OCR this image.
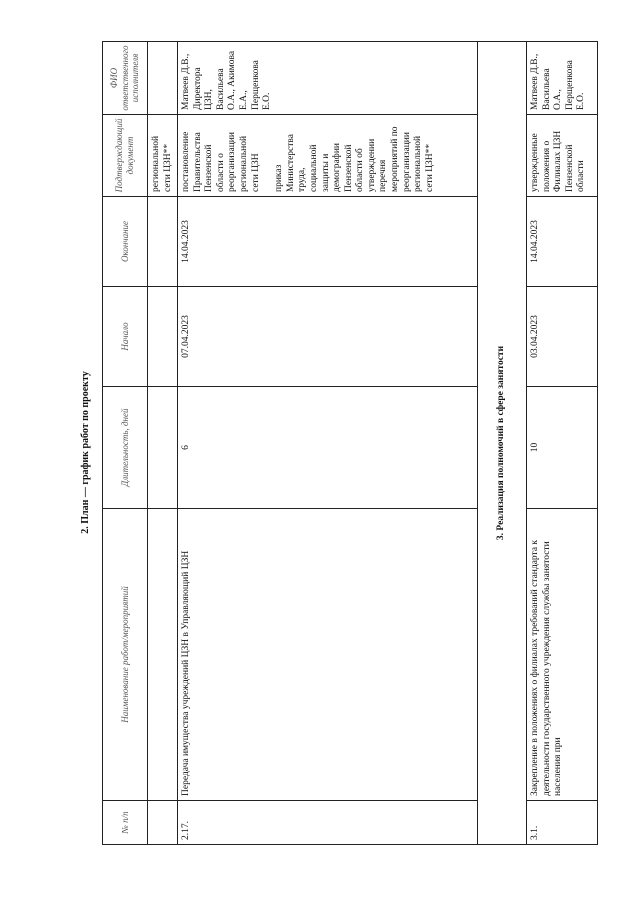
2. План — график работ по проекту
№ п/п	Наименование работ/мероприятий	Длительность, дней	Начало	Окончание	Подтверждающий документ	ФИО ответственного исполнителя
					региональной сети ЦЗН**	
2.17.	Передача имущества учреждений ЦЗН в Управляющий ЦЗН	6	07.04.2023	14.04.2023	постановление Правительства Пензенской области о реорганизации региональной сети ЦЗН приказ Министерства труда, социальной защиты и демографии Пензенской области об утверждении перечня мероприятий по реорганизации региональной сети ЦЗН**	Матвеев Д.В., Директора ЦЗН, Васильева О.А., Акимова Е.А., Перщенкова Е.О.
3. Реализация полномочий в сфере занятости						
3.1.	Закрепление в положениях о филиалах требований стандарта к деятельности государственного учреждения службы занятости населения при	10	03.04.2023	14.04.2023	утвержденные положения о Филиалах ЦЗН Пензенской области	Матвеев Д.В., Васильева О.А., Перщенкова Е.О.
